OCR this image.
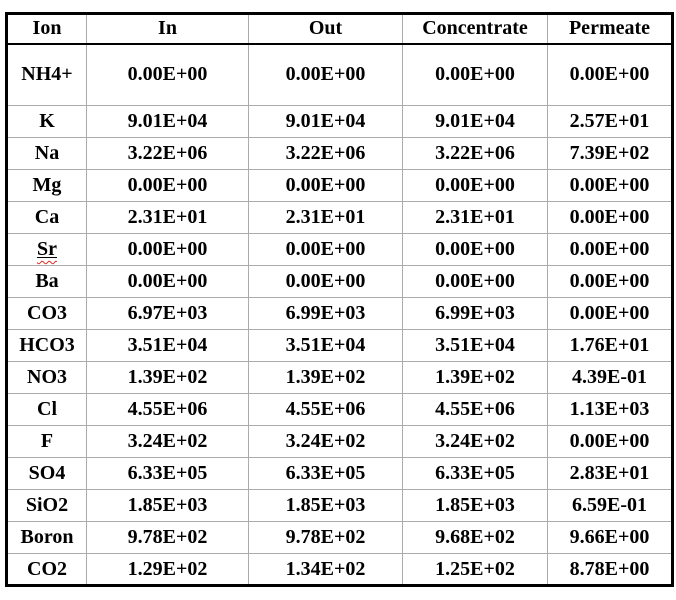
Ion	In	Out	Concentrate	Permeate
NH4+	0.00E+00	0.00E+00	0.00E+00	0.00E+00
K	9.01E+04	9.01E+04	9.01E+04	2.57E+01
Na	3.22E+06	3.22E+06	3.22E+06	7.39E+02
Mg	0.00E+00	0.00E+00	0.00E+00	0.00E+00
Ca	2.31E+01	2.31E+01	2.31E+01	0.00E+00
Sr	0.00E+00	0.00E+00	0.00E+00	0.00E+00
Ba	0.00E+00	0.00E+00	0.00E+00	0.00E+00
CO3	6.97E+03	6.99E+03	6.99E+03	0.00E+00
HCO3	3.51E+04	3.51E+04	3.51E+04	1.76E+01
NO3	1.39E+02	1.39E+02	1.39E+02	4.39E-01
Cl	4.55E+06	4.55E+06	4.55E+06	1.13E+03
F	3.24E+02	3.24E+02	3.24E+02	0.00E+00
SO4	6.33E+05	6.33E+05	6.33E+05	2.83E+01
SiO2	1.85E+03	1.85E+03	1.85E+03	6.59E-01
Boron	9.78E+02	9.78E+02	9.68E+02	9.66E+00
CO2	1.29E+02	1.34E+02	1.25E+02	8.78E+00
